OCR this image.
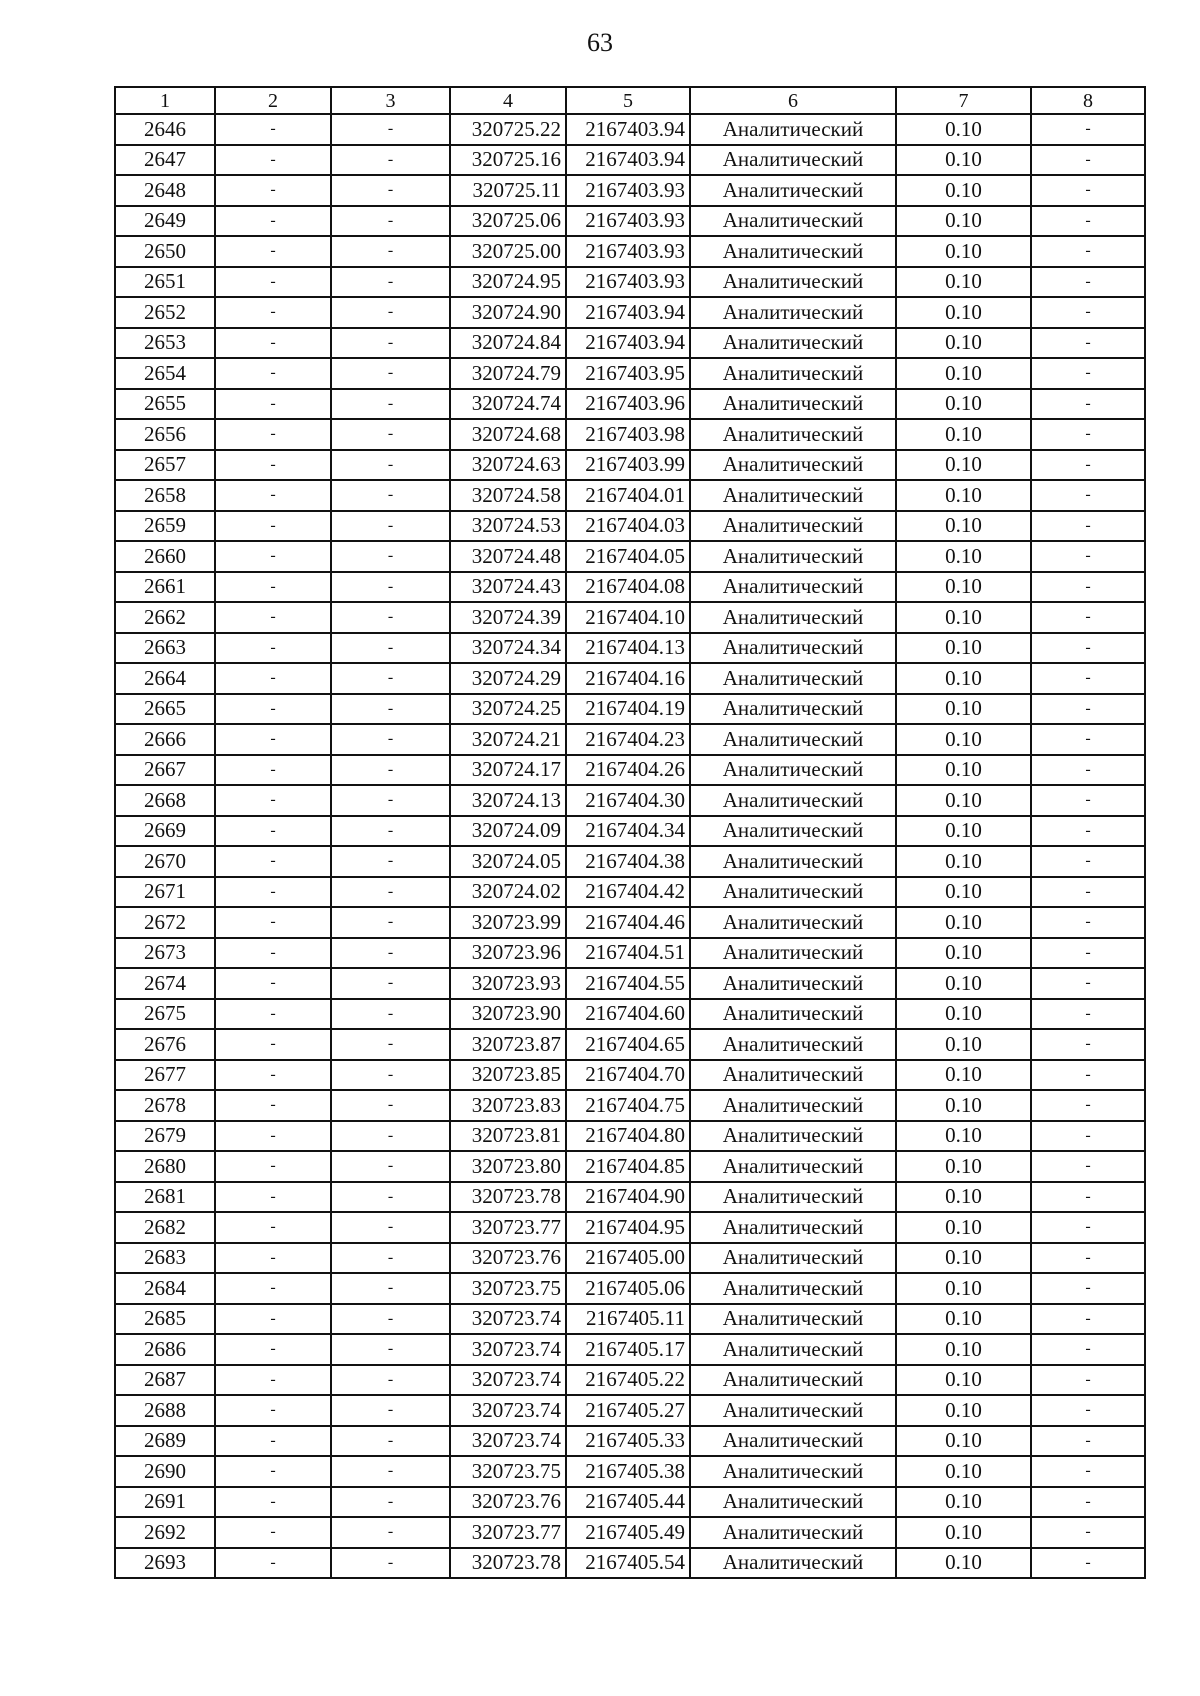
63
1	2	3	4	5	6	7	8
2646	-	-	320725.22	2167403.94	Аналитический	0.10	-
2647	-	-	320725.16	2167403.94	Аналитический	0.10	-
2648	-	-	320725.11	2167403.93	Аналитический	0.10	-
2649	-	-	320725.06	2167403.93	Аналитический	0.10	-
2650	-	-	320725.00	2167403.93	Аналитический	0.10	-
2651	-	-	320724.95	2167403.93	Аналитический	0.10	-
2652	-	-	320724.90	2167403.94	Аналитический	0.10	-
2653	-	-	320724.84	2167403.94	Аналитический	0.10	-
2654	-	-	320724.79	2167403.95	Аналитический	0.10	-
2655	-	-	320724.74	2167403.96	Аналитический	0.10	-
2656	-	-	320724.68	2167403.98	Аналитический	0.10	-
2657	-	-	320724.63	2167403.99	Аналитический	0.10	-
2658	-	-	320724.58	2167404.01	Аналитический	0.10	-
2659	-	-	320724.53	2167404.03	Аналитический	0.10	-
2660	-	-	320724.48	2167404.05	Аналитический	0.10	-
2661	-	-	320724.43	2167404.08	Аналитический	0.10	-
2662	-	-	320724.39	2167404.10	Аналитический	0.10	-
2663	-	-	320724.34	2167404.13	Аналитический	0.10	-
2664	-	-	320724.29	2167404.16	Аналитический	0.10	-
2665	-	-	320724.25	2167404.19	Аналитический	0.10	-
2666	-	-	320724.21	2167404.23	Аналитический	0.10	-
2667	-	-	320724.17	2167404.26	Аналитический	0.10	-
2668	-	-	320724.13	2167404.30	Аналитический	0.10	-
2669	-	-	320724.09	2167404.34	Аналитический	0.10	-
2670	-	-	320724.05	2167404.38	Аналитический	0.10	-
2671	-	-	320724.02	2167404.42	Аналитический	0.10	-
2672	-	-	320723.99	2167404.46	Аналитический	0.10	-
2673	-	-	320723.96	2167404.51	Аналитический	0.10	-
2674	-	-	320723.93	2167404.55	Аналитический	0.10	-
2675	-	-	320723.90	2167404.60	Аналитический	0.10	-
2676	-	-	320723.87	2167404.65	Аналитический	0.10	-
2677	-	-	320723.85	2167404.70	Аналитический	0.10	-
2678	-	-	320723.83	2167404.75	Аналитический	0.10	-
2679	-	-	320723.81	2167404.80	Аналитический	0.10	-
2680	-	-	320723.80	2167404.85	Аналитический	0.10	-
2681	-	-	320723.78	2167404.90	Аналитический	0.10	-
2682	-	-	320723.77	2167404.95	Аналитический	0.10	-
2683	-	-	320723.76	2167405.00	Аналитический	0.10	-
2684	-	-	320723.75	2167405.06	Аналитический	0.10	-
2685	-	-	320723.74	2167405.11	Аналитический	0.10	-
2686	-	-	320723.74	2167405.17	Аналитический	0.10	-
2687	-	-	320723.74	2167405.22	Аналитический	0.10	-
2688	-	-	320723.74	2167405.27	Аналитический	0.10	-
2689	-	-	320723.74	2167405.33	Аналитический	0.10	-
2690	-	-	320723.75	2167405.38	Аналитический	0.10	-
2691	-	-	320723.76	2167405.44	Аналитический	0.10	-
2692	-	-	320723.77	2167405.49	Аналитический	0.10	-
2693	-	-	320723.78	2167405.54	Аналитический	0.10	-
